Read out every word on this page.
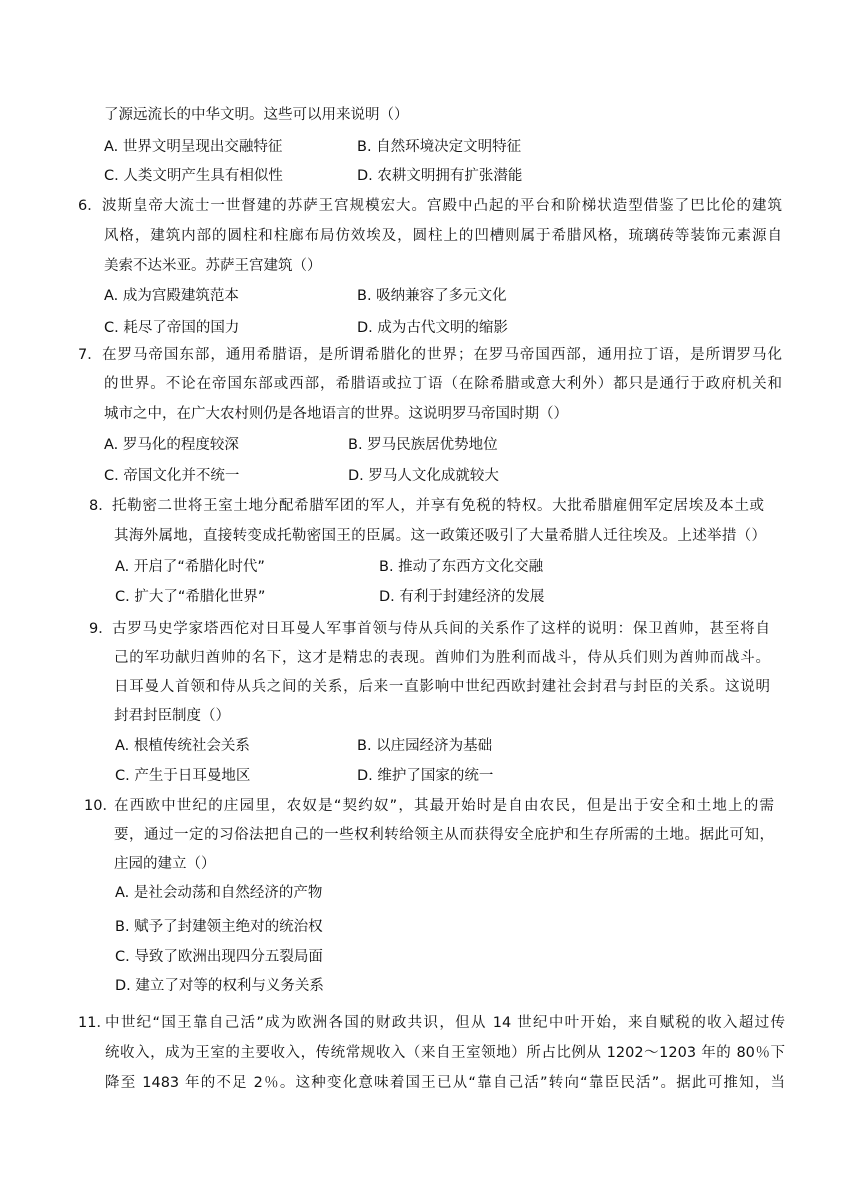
了源远流长的中华文明。这些可以用来说明（）
A. 世界文明呈现出交融特征	B. 自然环境决定文明特征
C. 人类文明产生具有相似性	D. 农耕文明拥有扩张潜能
6． 波斯皇帝大流士一世督建的苏萨王宫规模宏大。宫殿中凸起的平台和阶梯状造型借鉴了巴比伦的建筑
风格，建筑内部的圆柱和柱廊布局仿效埃及，圆柱上的凹槽则属于希腊风格，琉璃砖等装饰元素源自
美索不达米亚。苏萨王宫建筑（）
A. 成为宫殿建筑范本	B. 吸纳兼容了多元文化
C. 耗尽了帝国的国力	D. 成为古代文明的缩影
7． 在罗马帝国东部，通用希腊语，是所谓希腊化的世界；在罗马帝国西部，通用拉丁语，是所谓罗马化
的世界。不论在帝国东部或西部，希腊语或拉丁语（在除希腊或意大利外）都只是通行于政府机关和
城市之中，在广大农村则仍是各地语言的世界。这说明罗马帝国时期（）
A. 罗马化的程度较深	B. 罗马民族居优势地位
C. 帝国文化并不统一	D. 罗马人文化成就较大
8． 托勒密二世将王室土地分配希腊军团的军人，并享有免税的特权。大批希腊雇佣军定居埃及本土或
其海外属地，直接转变成托勒密国王的臣属。这一政策还吸引了大量希腊人迁往埃及。上述举措（）
A. 开启了“希腊化时代”	B. 推动了东西方文化交融
C. 扩大了“希腊化世界”	D. 有利于封建经济的发展
9． 古罗马史学家塔西佗对日耳曼人军事首领与侍从兵间的关系作了这样的说明：保卫酋帅，甚至将自
己的军功献归酋帅的名下，这才是精忠的表现。酋帅们为胜利而战斗，侍从兵们则为酋帅而战斗。
日耳曼人首领和侍从兵之间的关系，后来一直影响中世纪西欧封建社会封君与封臣的关系。这说明
封君封臣制度（）
A. 根植传统社会关系	B. 以庄园经济为基础
C. 产生于日耳曼地区	D. 维护了国家的统一
10．
在西欧中世纪的庄园里，农奴是“契约奴”，其最开始时是自由农民，但是出于安全和土地上的需
要，通过一定的习俗法把自己的一些权利转给领主从而获得安全庇护和生存所需的土地。据此可知，
庄园的建立（）
A. 是社会动荡和自然经济的产物
B. 赋予了封建领主绝对的统治权
C. 导致了欧洲出现四分五裂局面
D. 建立了对等的权利与义务关系
11．
中世纪“国王靠自己活”成为欧洲各国的财政共识，但从 14 世纪中叶开始，来自赋税的收入超过传
统收入，成为王室的主要收入，传统常规收入（来自王室领地）所占比例从 1202～1203 年的 80％下
降至 1483 年的不足 2％。这种变化意味着国王已从“靠自己活”转向“靠臣民活”。据此可推知，当
